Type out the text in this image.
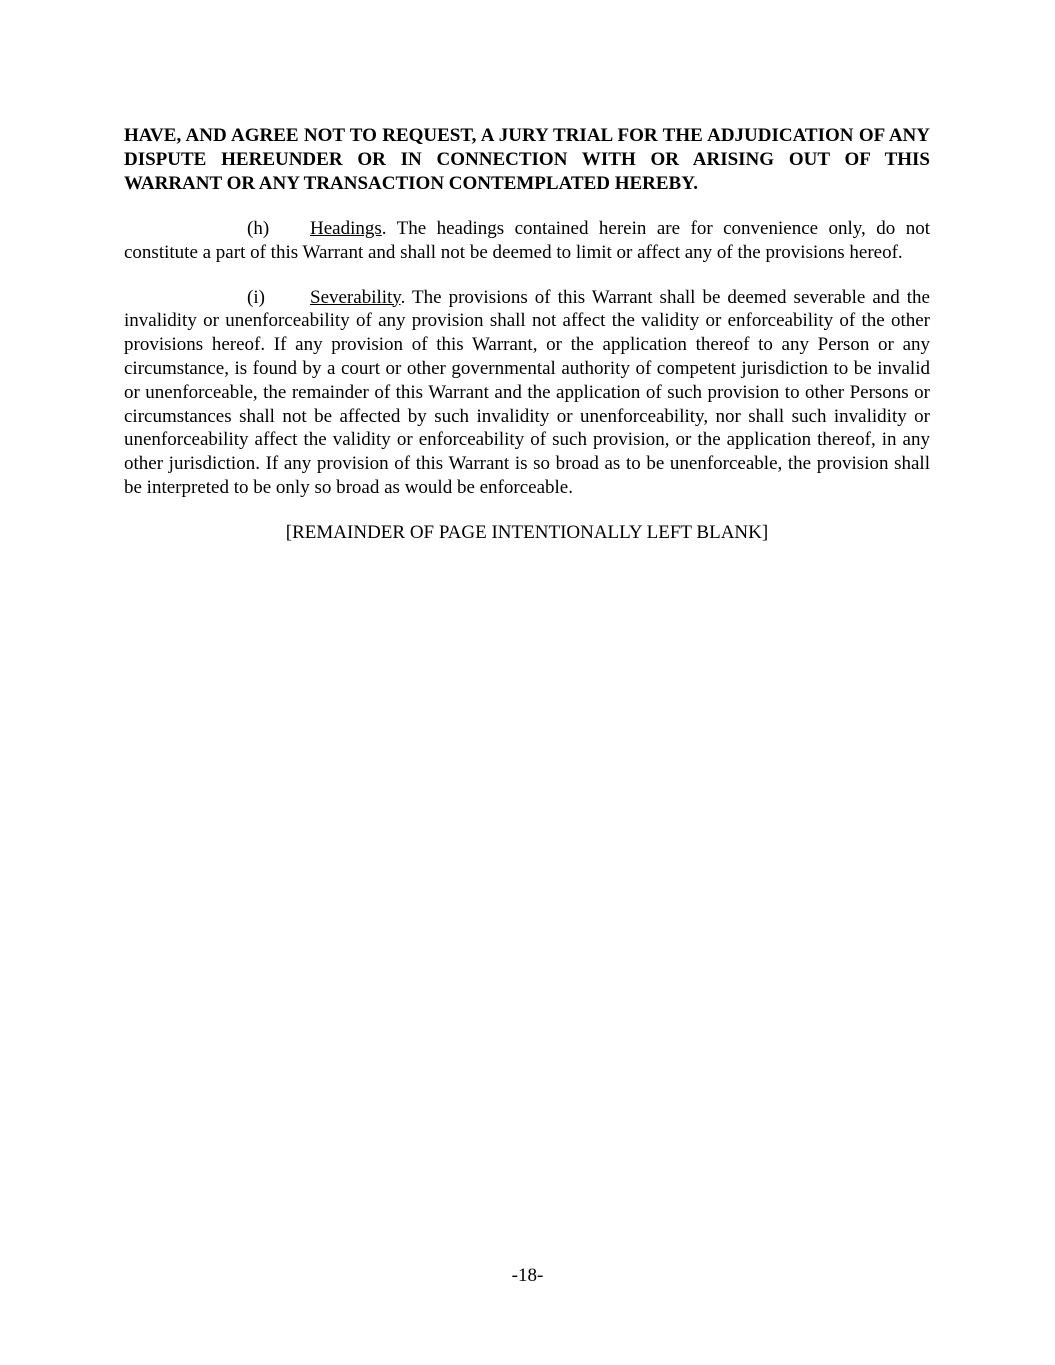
HAVE, AND AGREE NOT TO REQUEST, A JURY TRIAL FOR THE ADJUDICATION OF ANY DISPUTE HEREUNDER OR IN CONNECTION WITH OR ARISING OUT OF THIS WARRANT OR ANY TRANSACTION CONTEMPLATED HEREBY.

(h) Headings. The headings contained herein are for convenience only, do not constitute a part of this Warrant and shall not be deemed to limit or affect any of the provisions hereof.

(i) Severability. The provisions of this Warrant shall be deemed severable and the invalidity or unenforceability of any provision shall not affect the validity or enforceability of the other provisions hereof. If any provision of this Warrant, or the application thereof to any Person or any circumstance, is found by a court or other governmental authority of competent jurisdiction to be invalid or unenforceable, the remainder of this Warrant and the application of such provision to other Persons or circumstances shall not be affected by such invalidity or unenforceability, nor shall such invalidity or unenforceability affect the validity or enforceability of such provision, or the application thereof, in any other jurisdiction. If any provision of this Warrant is so broad as to be unenforceable, the provision shall be interpreted to be only so broad as would be enforceable.

[REMAINDER OF PAGE INTENTIONALLY LEFT BLANK]
-18-
